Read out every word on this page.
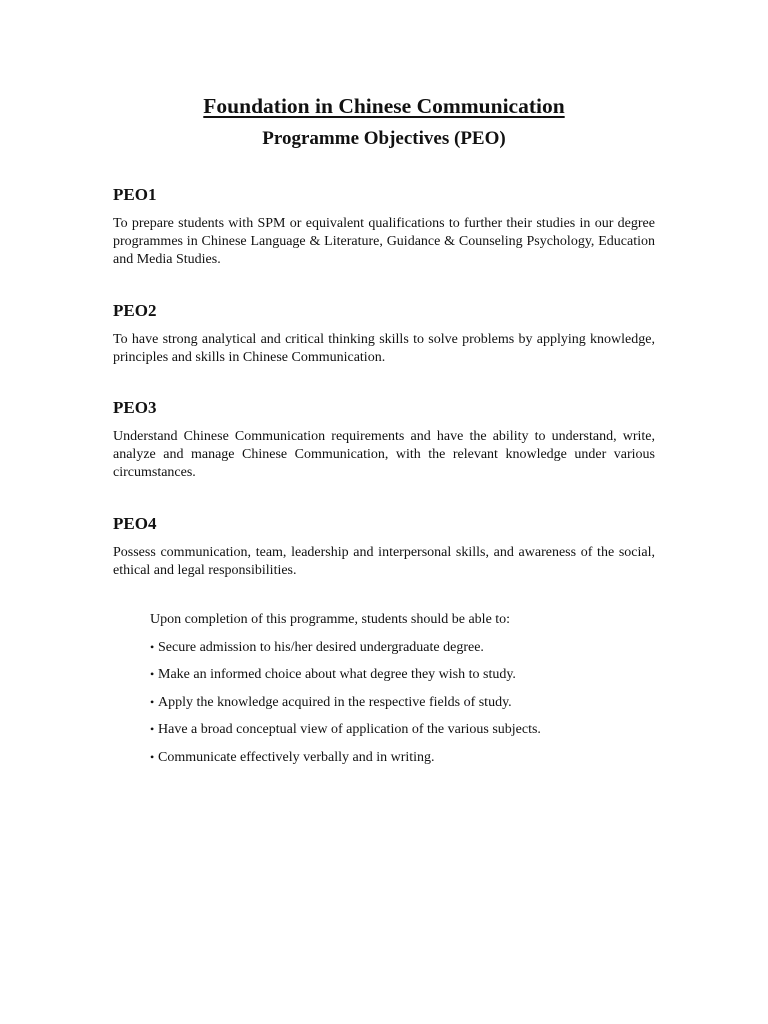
Foundation in Chinese Communication
Programme Objectives (PEO)
PEO1

To prepare students with SPM or equivalent qualifications to further their studies in our degree programmes in Chinese Language & Literature, Guidance & Counseling Psychology, Education and Media Studies.

PEO2

To have strong analytical and critical thinking skills to solve problems by applying knowledge, principles and skills in Chinese Communication.

PEO3

Understand Chinese Communication requirements and have the ability to understand, write, analyze and manage Chinese Communication, with the relevant knowledge under various circumstances.

PEO4

Possess communication, team, leadership and interpersonal skills, and awareness of the social, ethical and legal responsibilities.

Upon completion of this programme, students should be able to:

• Secure admission to his/her desired undergraduate degree.
• Make an informed choice about what degree they wish to study.
• Apply the knowledge acquired in the respective fields of study.
• Have a broad conceptual view of application of the various subjects.
• Communicate effectively verbally and in writing.
